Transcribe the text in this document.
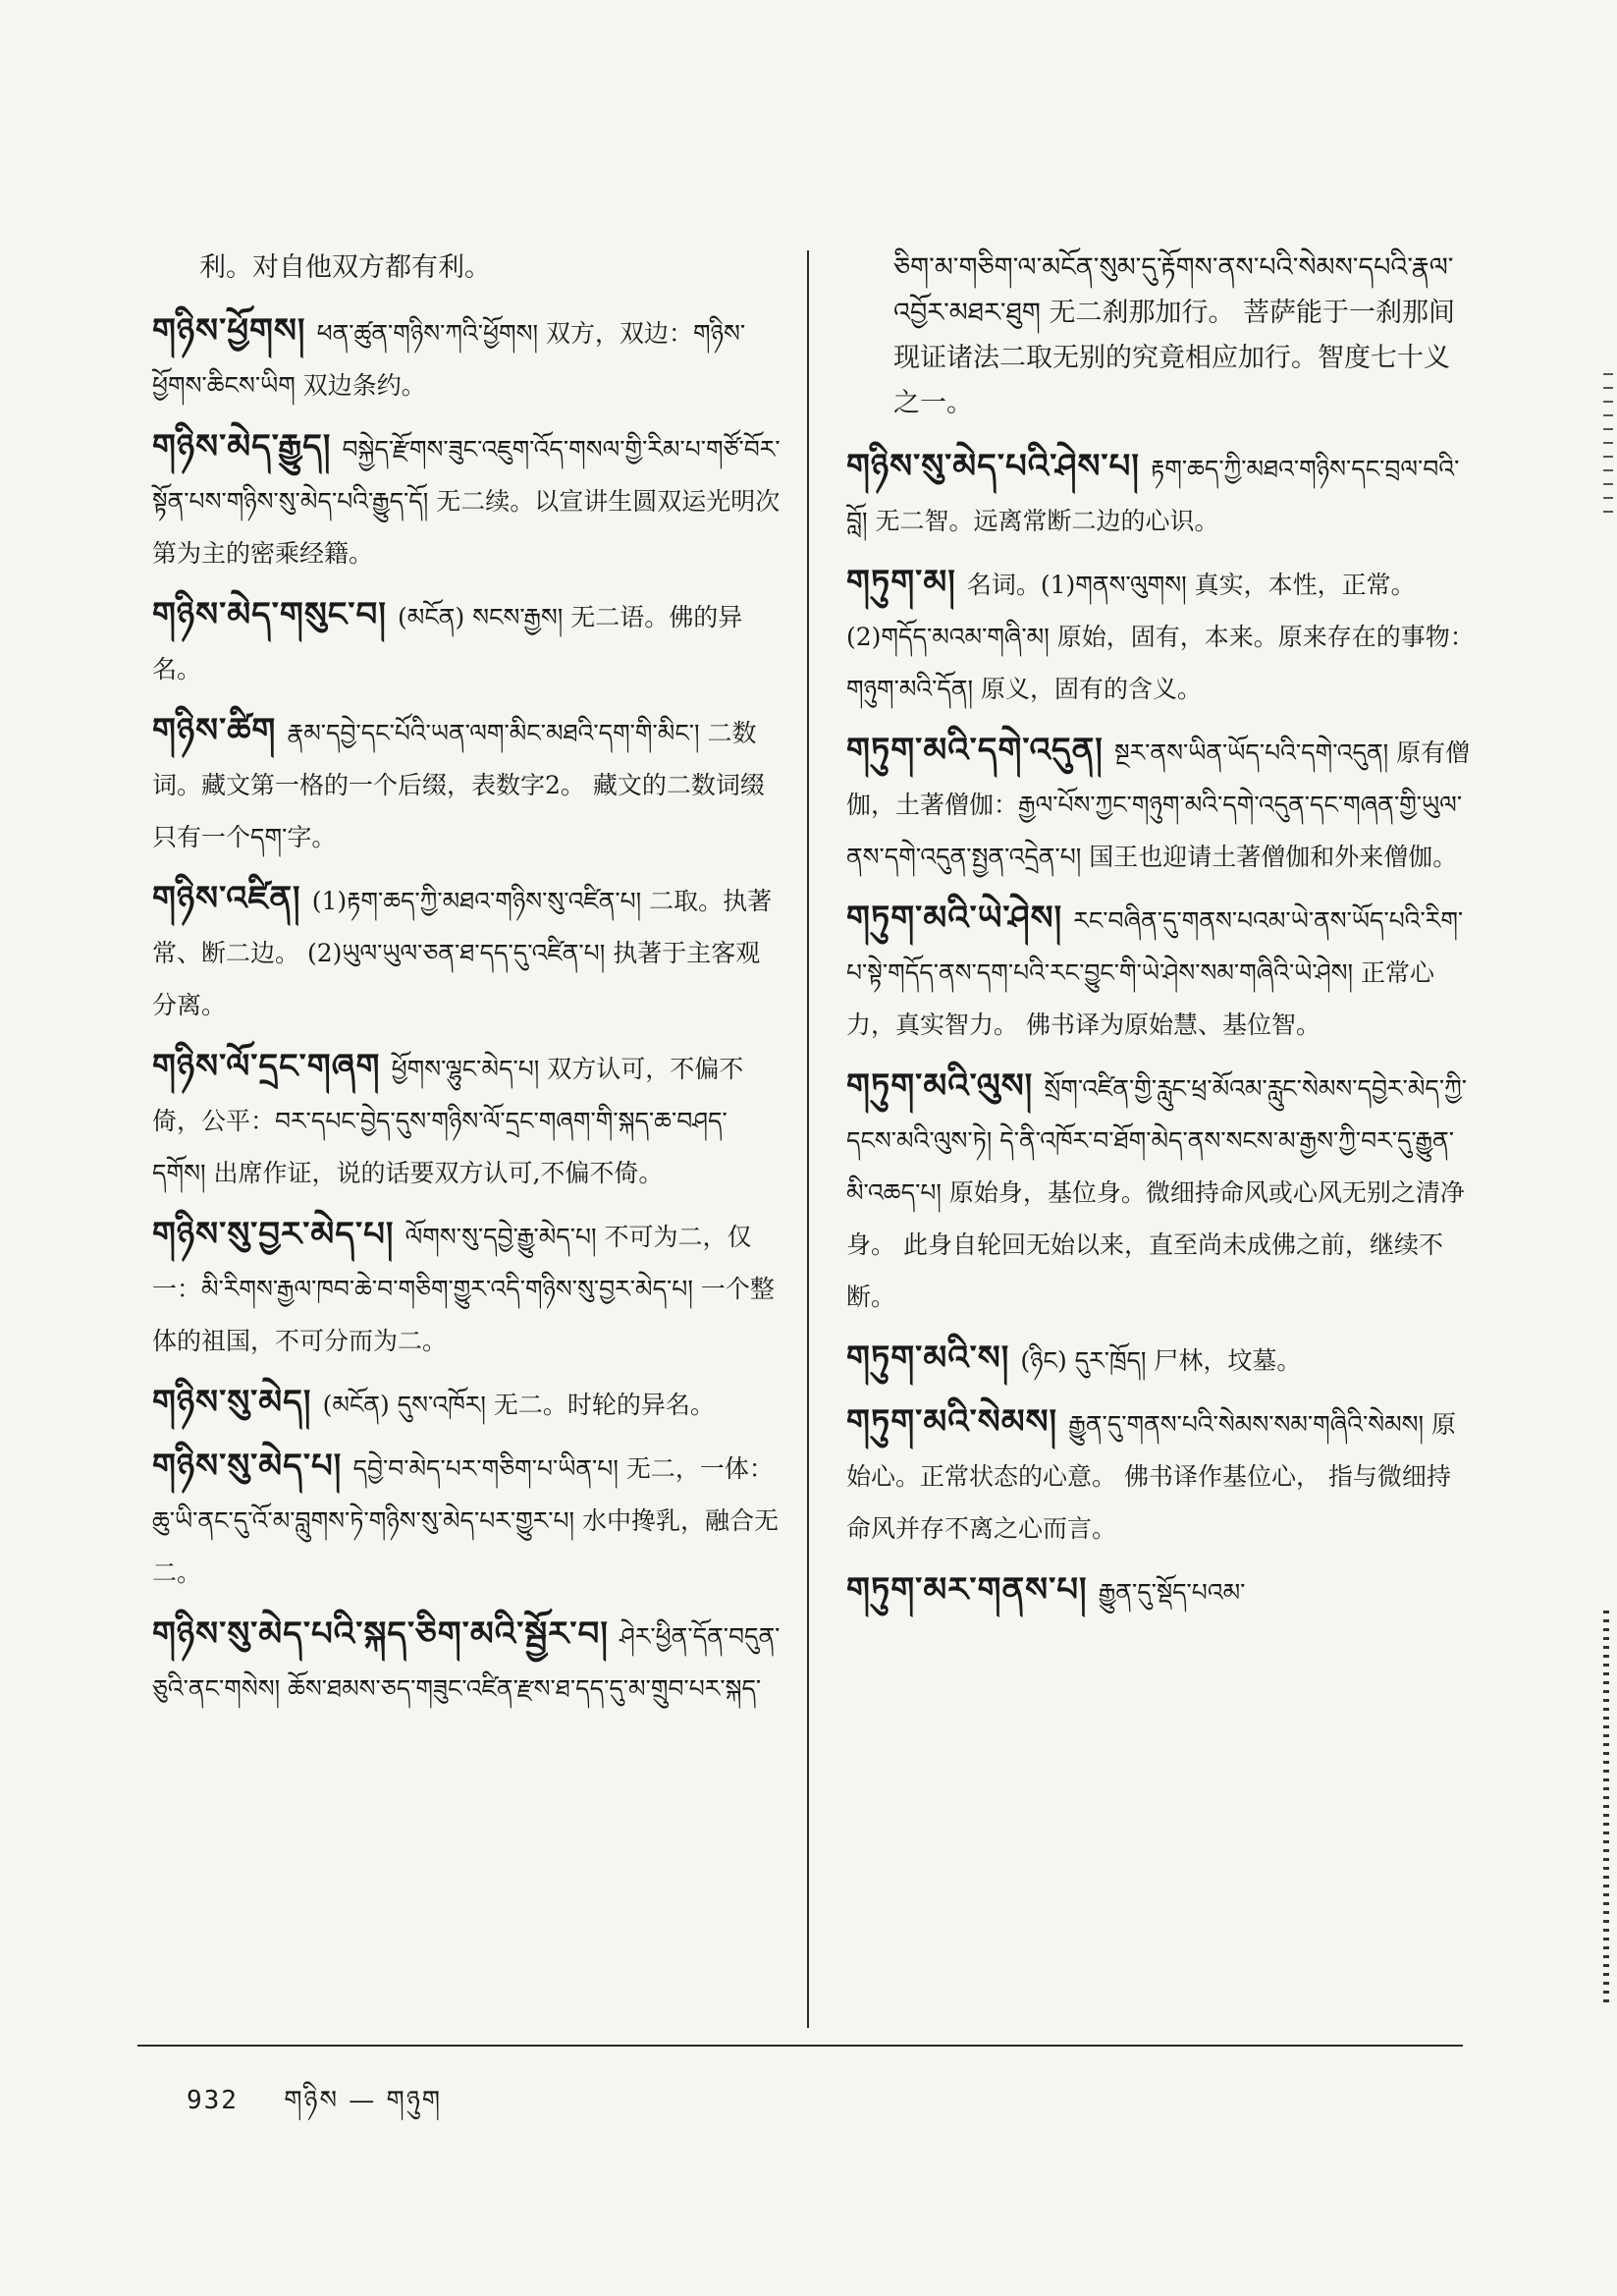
利。对自他双方都有利。
གཉིས་ཕྱོགས། ཕན་ཚུན་གཉིས་ཀའི་ཕྱོགས། 双方，双边：གཉིས་ཕྱོགས་ཆིངས་ཡིག 双边条约。
གཉིས་མེད་རྒྱུད། བསྐྱེད་རྫོགས་ཟུང་འཇུག་འོད་གསལ་གྱི་རིམ་པ་གཙོ་བོར་སྟོན་པས་གཉིས་སུ་མེད་པའི་རྒྱུད་དོ། 无二续。以宣讲生圆双运光明次第为主的密乘经籍。
གཉིས་མེད་གསུང་བ། (མངོན) སངས་རྒྱས། 无二语。佛的异名。
གཉིས་ཚིག རྣམ་དབྱེ་དང་པོའི་ཡན་ལག་མིང་མཐའི་དག་གི་མིང་། 二数词。藏文第一格的一个后缀，表数字2。 藏文的二数词缀只有一个དག་字。
གཉིས་འཛིན། (1)རྟག་ཆད་ཀྱི་མཐའ་གཉིས་སུ་འཛིན་པ། 二取。执著常、断二边。 (2)ཡུལ་ཡུལ་ཅན་ཐ་དད་དུ་འཛིན་པ། 执著于主客观分离。
གཉིས་ལོ་དྲང་གཞག ཕྱོགས་ལྷུང་མེད་པ། 双方认可，不偏不倚，公平：བར་དཔང་བྱེད་དུས་གཉིས་ལོ་དྲང་གཞག་གི་སྐད་ཆ་བཤད་དགོས། 出席作证，说的话要双方认可,不偏不倚。
གཉིས་སུ་བྱར་མེད་པ། ལོགས་སུ་དབྱེ་རྒྱུ་མེད་པ། 不可为二，仅一：མི་རིགས་རྒྱལ་ཁབ་ཆེ་བ་གཅིག་གྱུར་འདི་གཉིས་སུ་བྱར་མེད་པ། 一个整体的祖国，不可分而为二。
གཉིས་སུ་མེད། (མངོན) དུས་འཁོར། 无二。时轮的异名。
གཉིས་སུ་མེད་པ། དབྱེ་བ་མེད་པར་གཅིག་པ་ཡིན་པ། 无二，一体：ཆུ་ཡི་ནང་དུ་འོ་མ་བླུགས་ཏེ་གཉིས་སུ་མེད་པར་གྱུར་པ། 水中搀乳，融合无二。
གཉིས་སུ་མེད་པའི་སྐད་ཅིག་མའི་སྦྱོར་བ། ཤེར་ཕྱིན་དོན་བདུན་ཅུའི་ནང་གསེས། ཆོས་ཐམས་ཅད་གཟུང་འཛིན་རྫས་ཐ་དད་དུ་མ་གྲུབ་པར་སྐད་
ཅིག་མ་གཅིག་ལ་མངོན་སུམ་དུ་རྟོགས་ནས་པའི་སེམས་དཔའི་རྣལ་འབྱོར་མཐར་ཐུག 无二刹那加行。 菩萨能于一刹那间现证诸法二取无别的究竟相应加行。智度七十义之一。
གཉིས་སུ་མེད་པའི་ཤེས་པ། རྟག་ཆད་ཀྱི་མཐའ་གཉིས་དང་བྲལ་བའི་བློ། 无二智。远离常断二边的心识。
གཏུག་མ། 名词。(1)གནས་ལུགས། 真实，本性，正常。(2)གདོད་མའམ་གཞི་མ། 原始，固有，本来。原来存在的事物：གཉུག་མའི་དོན། 原义，固有的含义。
གཏུག་མའི་དགེ་འདུན། སྔར་ནས་ཡིན་ཡོད་པའི་དགེ་འདུན། 原有僧伽，土著僧伽：རྒྱལ་པོས་ཀྱང་གཉུག་མའི་དགེ་འདུན་དང་གཞན་གྱི་ཡུལ་ནས་དགེ་འདུན་སྤྱན་འདྲེན་པ། 国王也迎请土著僧伽和外来僧伽。
གཏུག་མའི་ཡེ་ཤེས། རང་བཞིན་དུ་གནས་པའམ་ཡེ་ནས་ཡོད་པའི་རིག་པ་སྟེ་གདོད་ནས་དག་པའི་རང་བྱུང་གི་ཡེ་ཤེས་སམ་གཞིའི་ཡེ་ཤེས། 正常心力，真实智力。 佛书译为原始慧、基位智。
གཏུག་མའི་ལུས། སྲོག་འཛིན་གྱི་རླུང་ཕྲ་མོའམ་རླུང་སེམས་དབྱེར་མེད་ཀྱི་དངས་མའི་ལུས་ཏེ། དེ་ནི་འཁོར་བ་ཐོག་མེད་ནས་སངས་མ་རྒྱས་ཀྱི་བར་དུ་རྒྱུན་མི་འཆད་པ། 原始身，基位身。微细持命风或心风无别之清净身。 此身自轮回无始以来，直至尚未成佛之前，继续不断。
གཏུག་མའི་ས། (ཉིང) དུར་ཁྲོད། 尸林，坟墓。
གཏུག་མའི་སེམས། རྒྱུན་དུ་གནས་པའི་སེམས་སམ་གཞིའི་སེམས། 原始心。正常状态的心意。 佛书译作基位心， 指与微细持命风并存不离之心而言。
གཏུག་མར་གནས་པ། རྒྱུན་དུ་སྡོད་པའམ་
932 གཉིས — གཉུག
